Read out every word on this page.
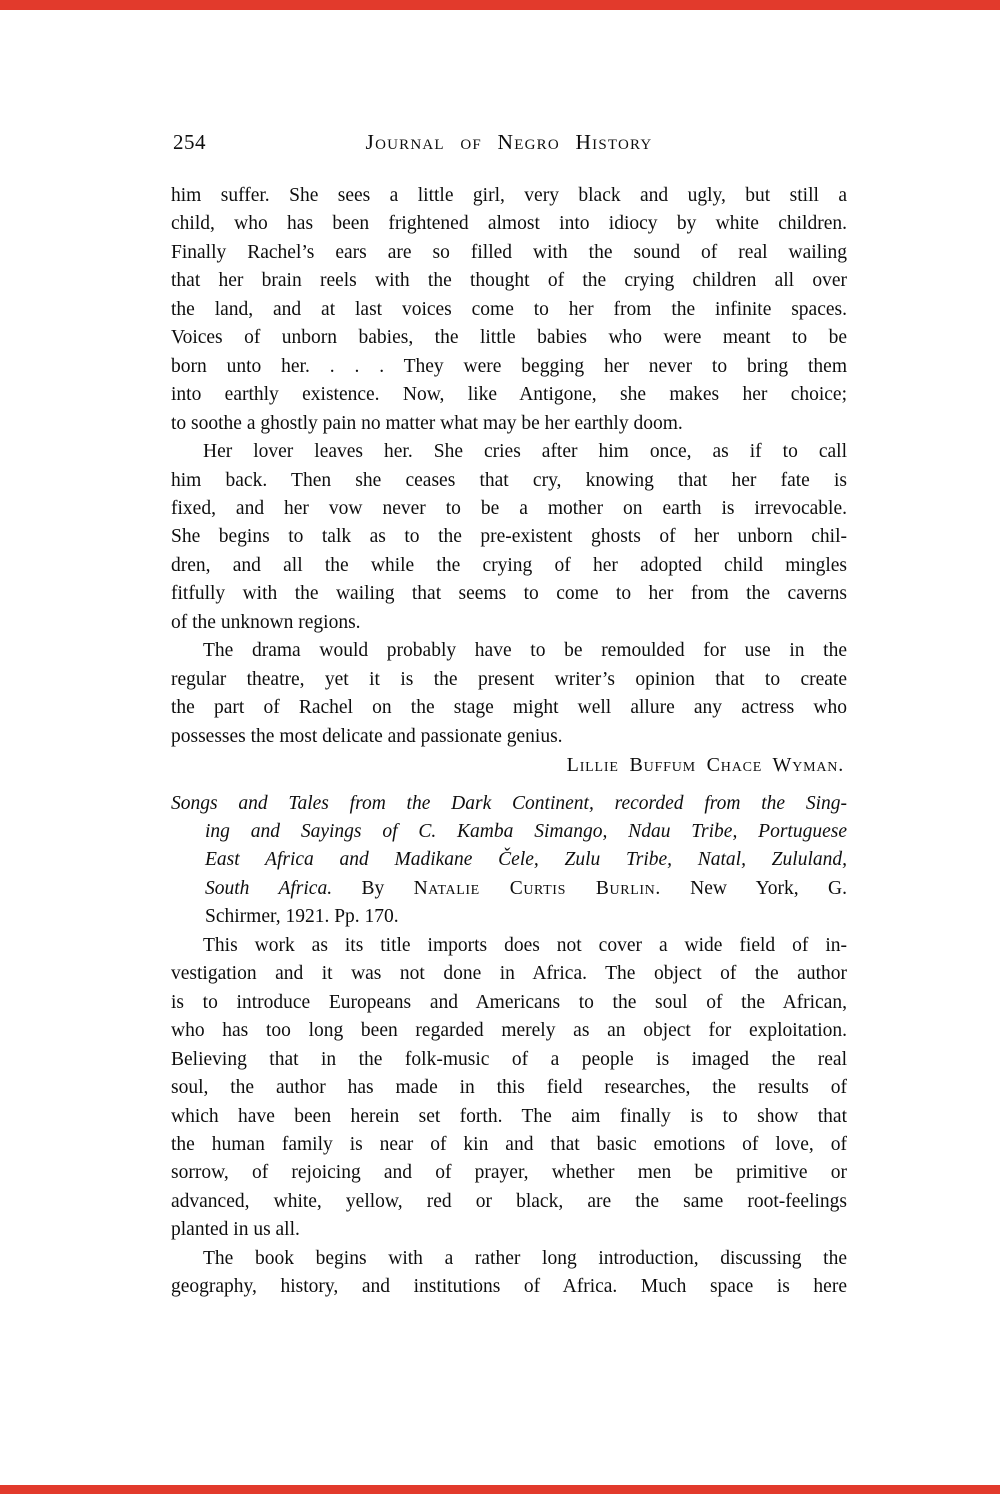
254	Journal of Negro History
him suffer. She sees a little girl, very black and ugly, but still a
child, who has been frightened almost into idiocy by white children.
Finally Rachel’s ears are so filled with the sound of real wailing
that her brain reels with the thought of the crying children all over
the land, and at last voices come to her from the infinite spaces.
Voices of unborn babies, the little babies who were meant to be
born unto her. . . . They were begging her never to bring them
into earthly existence. Now, like Antigone, she makes her choice;
to soothe a ghostly pain no matter what may be her earthly doom.
Her lover leaves her. She cries after him once, as if to call
him back. Then she ceases that cry, knowing that her fate is
fixed, and her vow never to be a mother on earth is irrevocable.
She begins to talk as to the pre-existent ghosts of her unborn chil-
dren, and all the while the crying of her adopted child mingles
fitfully with the wailing that seems to come to her from the caverns
of the unknown regions.
The drama would probably have to be remoulded for use in the
regular theatre, yet it is the present writer’s opinion that to create
the part of Rachel on the stage might well allure any actress who
possesses the most delicate and passionate genius.
Lillie Buffum Chace Wyman.
Songs and Tales from the Dark Continent, recorded from the Sing-
ing and Sayings of C. Kamba Simango, Ndau Tribe, Portuguese
East Africa and Madikane Čele, Zulu Tribe, Natal, Zululand,
South Africa. By Natalie Curtis Burlin. New York, G.
Schirmer, 1921. Pp. 170.
This work as its title imports does not cover a wide field of in-
vestigation and it was not done in Africa. The object of the author
is to introduce Europeans and Americans to the soul of the African,
who has too long been regarded merely as an object for exploitation.
Believing that in the folk-music of a people is imaged the real
soul, the author has made in this field researches, the results of
which have been herein set forth. The aim finally is to show that
the human family is near of kin and that basic emotions of love, of
sorrow, of rejoicing and of prayer, whether men be primitive or
advanced, white, yellow, red or black, are the same root-feelings
planted in us all.
The book begins with a rather long introduction, discussing the
geography, history, and institutions of Africa. Much space is here
